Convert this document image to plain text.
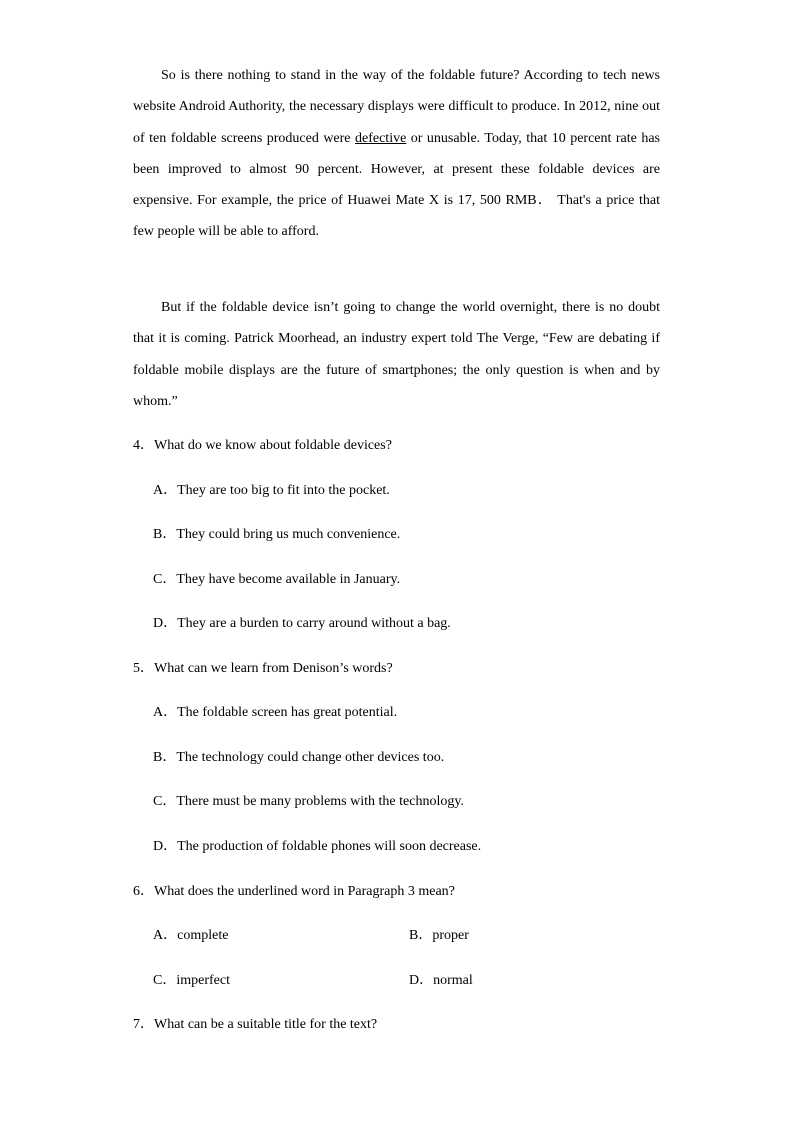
So is there nothing to stand in the way of the foldable future? According to tech news website Android Authority, the necessary displays were difficult to produce. In 2012, nine out of ten foldable screens produced were defective or unusable. Today, that 10 percent rate has been improved to almost 90 percent. However, at present these foldable devices are expensive. For example, the price of Huawei Mate X is 17, 500 RMB． That's a price that few people will be able to afford.

But if the foldable device isn’t going to change the world overnight, there is no doubt that it is coming. Patrick Moorhead, an industry expert told The Verge, “Few are debating if foldable mobile displays are the future of smartphones; the only question is when and by whom.”

4．What do we know about foldable devices?
A．They are too big to fit into the pocket.
B．They could bring us much convenience.
C．They have become available in January.
D．They are a burden to carry around without a bag.
5．What can we learn from Denison’s words?
A．The foldable screen has great potential.
B．The technology could change other devices too.
C．There must be many problems with the technology.
D．The production of foldable phones will soon decrease.
6．What does the underlined word in Paragraph 3 mean?
A．complete	B．proper
C．imperfect	D．normal
7．What can be a suitable title for the text?
